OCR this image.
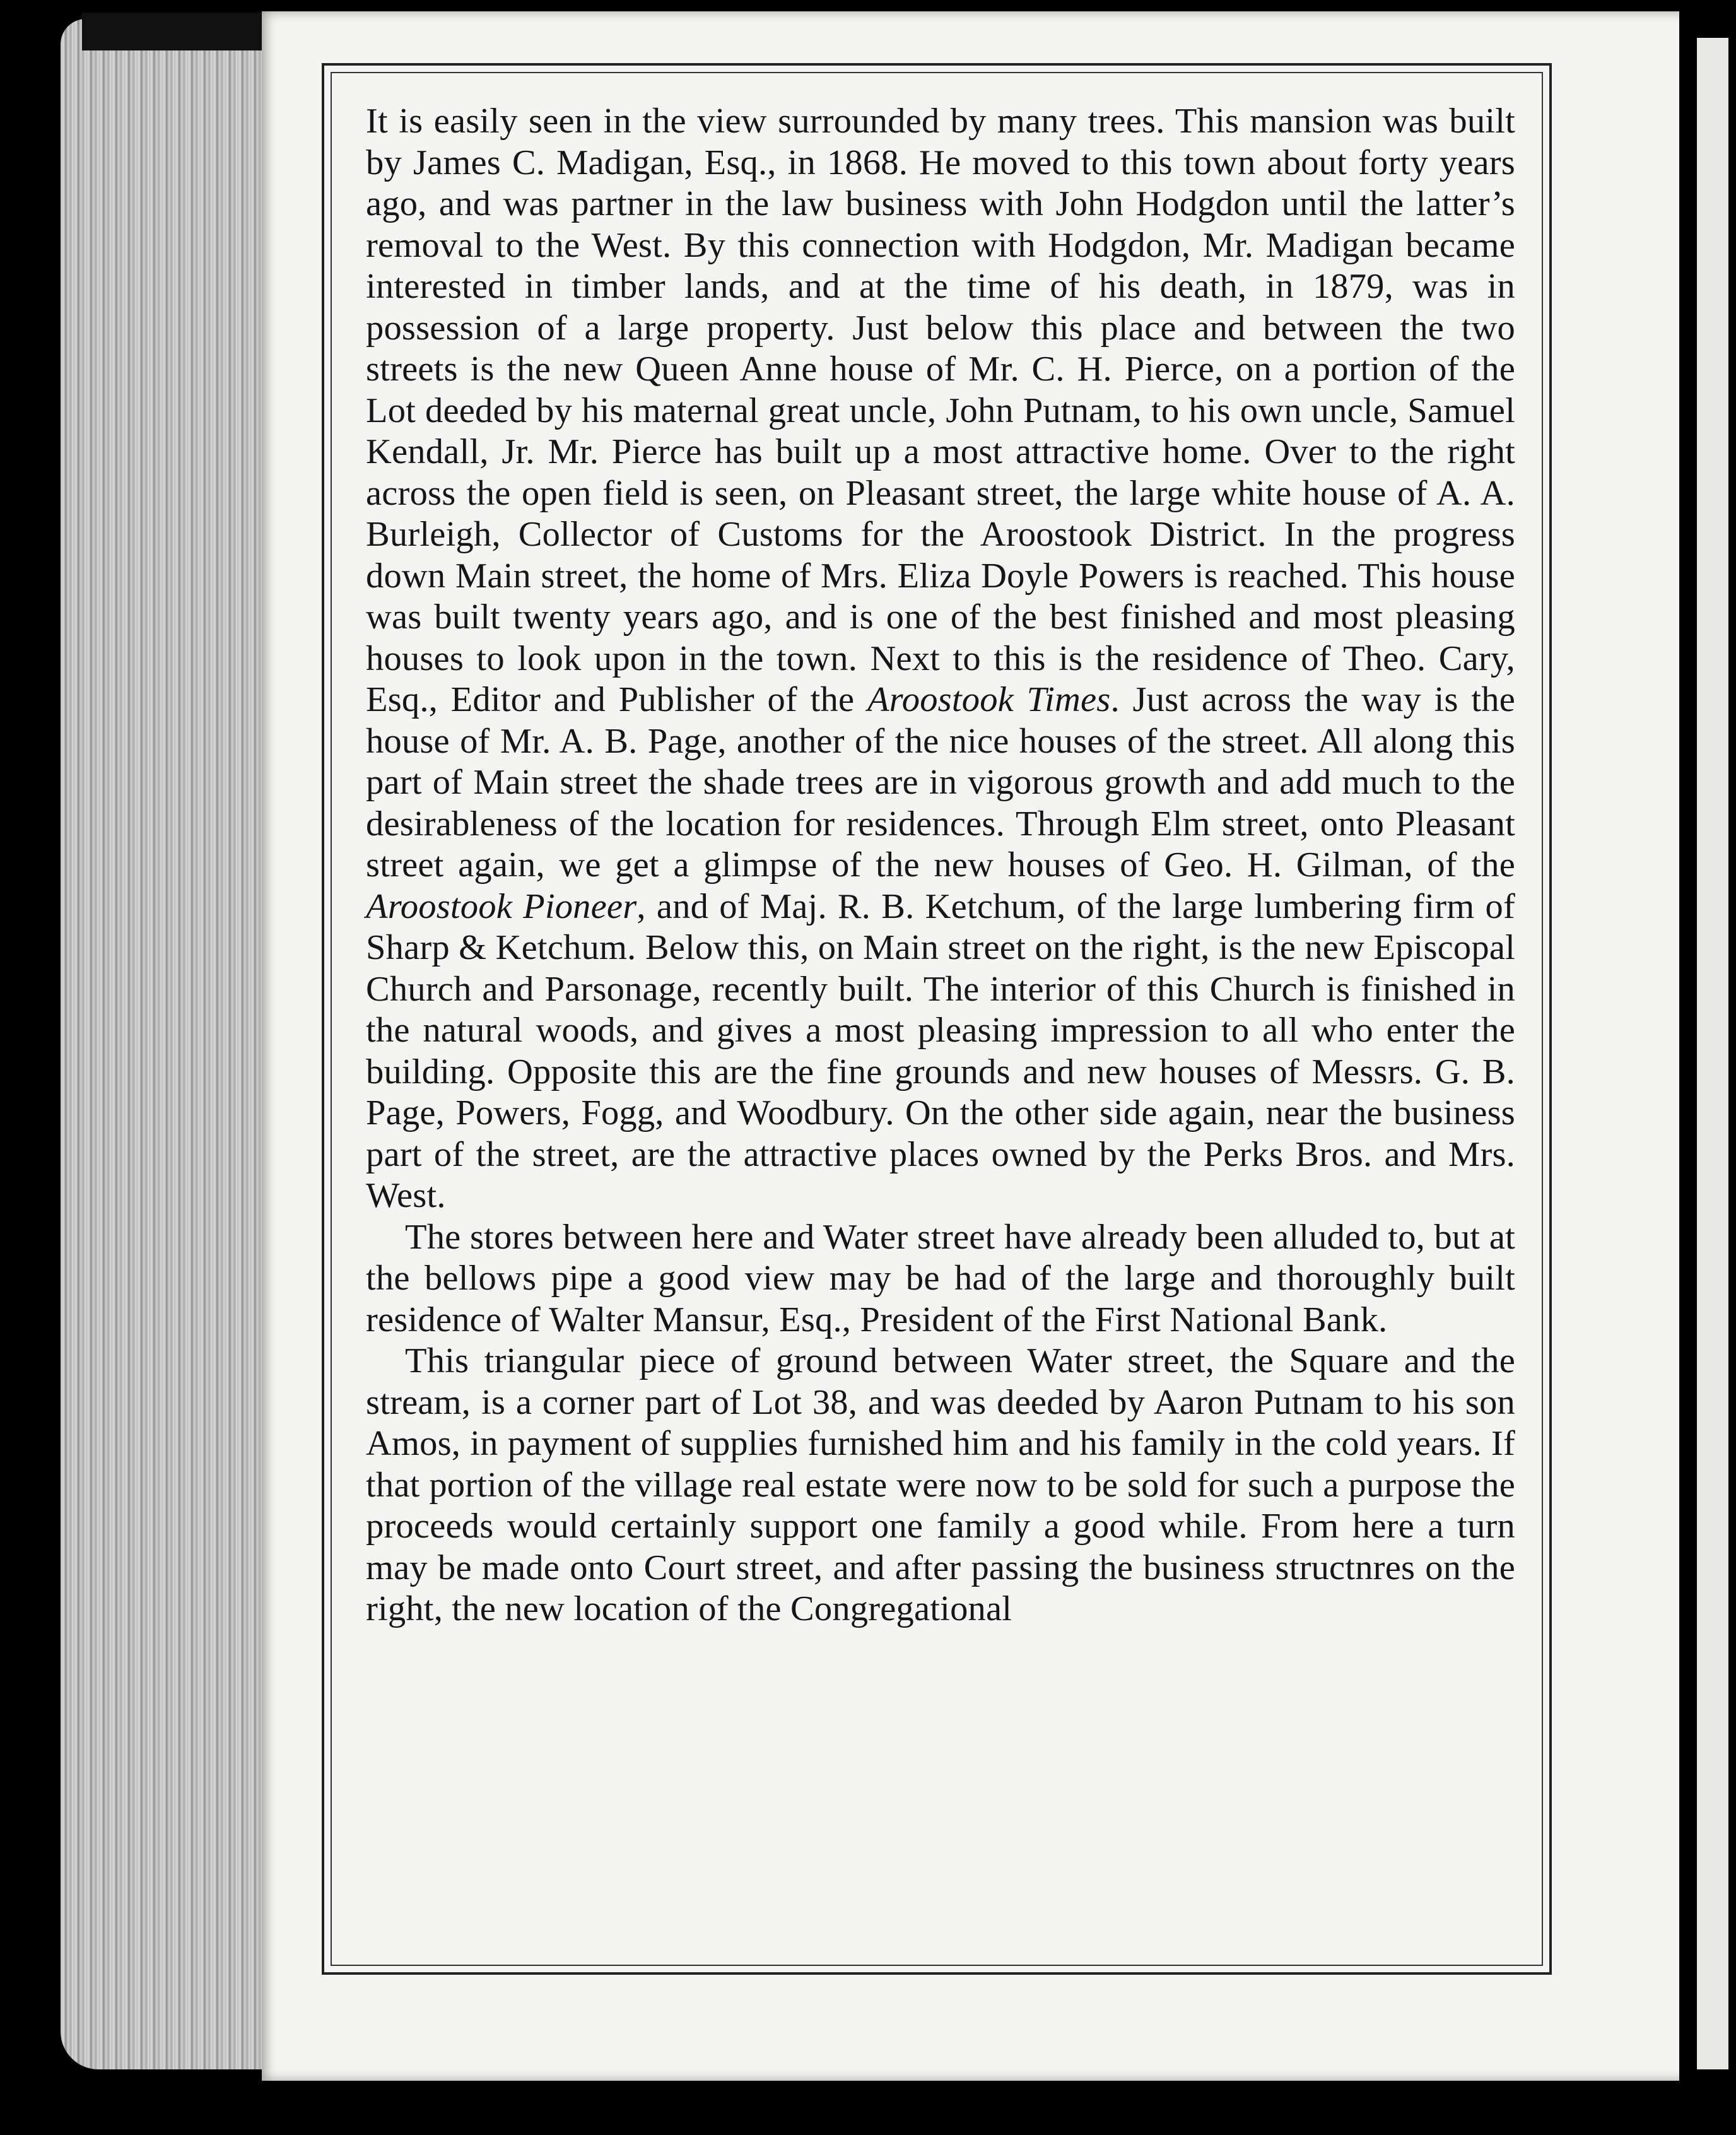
It is easily seen in the view surrounded by many trees. This mansion was built by James C. Madigan, Esq., in 1868. He moved to this town about forty years ago, and was partner in the law business with John Hodgdon until the latter’s removal to the West. By this connection with Hodgdon, Mr. Madigan became interested in timber lands, and at the time of his death, in 1879, was in possession of a large property. Just below this place and between the two streets is the new Queen Anne house of Mr. C. H. Pierce, on a portion of the Lot deeded by his maternal great uncle, John Putnam, to his own uncle, Samuel Kendall, Jr. Mr. Pierce has built up a most attractive home. Over to the right across the open field is seen, on Pleasant street, the large white house of A. A. Burleigh, Collector of Customs for the Aroostook District. In the progress down Main street, the home of Mrs. Eliza Doyle Powers is reached. This house was built twenty years ago, and is one of the best finished and most pleasing houses to look upon in the town. Next to this is the residence of Theo. Cary, Esq., Editor and Publisher of the Aroostook Times. Just across the way is the house of Mr. A. B. Page, another of the nice houses of the street. All along this part of Main street the shade trees are in vigorous growth and add much to the desirableness of the location for residences. Through Elm street, onto Pleasant street again, we get a glimpse of the new houses of Geo. H. Gilman, of the Aroostook Pioneer, and of Maj. R. B. Ketchum, of the large lumbering firm of Sharp & Ketchum. Below this, on Main street on the right, is the new Episcopal Church and Parsonage, recently built. The interior of this Church is finished in the natural woods, and gives a most pleasing impression to all who enter the building. Opposite this are the fine grounds and new houses of Messrs. G. B. Page, Powers, Fogg, and Woodbury. On the other side again, near the business part of the street, are the attractive places owned by the Perks Bros. and Mrs. West.

The stores between here and Water street have already been alluded to, but at the bellows pipe a good view may be had of the large and thoroughly built residence of Walter Mansur, Esq., President of the First National Bank.

This triangular piece of ground between Water street, the Square and the stream, is a corner part of Lot 38, and was deeded by Aaron Putnam to his son Amos, in payment of supplies furnished him and his family in the cold years. If that portion of the village real estate were now to be sold for such a purpose the proceeds would certainly support one family a good while. From here a turn may be made onto Court street, and after passing the business structnres on the right, the new location of the Congregational
